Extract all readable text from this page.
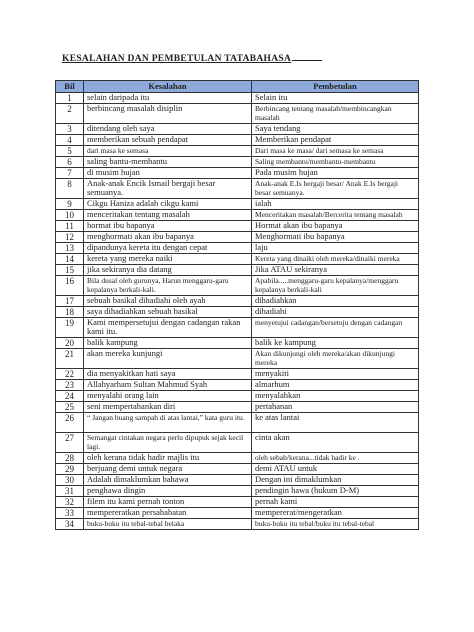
KESALAHAN DAN PEMBETULAN TATABAHASA
Bil	Kesalahan	Pembetulan
1	selain daripada itu	Selain itu
2	berbincang masalah disiplin	Berbincang tentang masalah/membincangkan masalah
3	ditendang oleh saya	Saya tendang
4	memberikan sebuah pendapat	Memberikan pendapat
5	dari masa ke semasa	Dari masa ke masa/ dari semasa ke semasa
6	saling bantu-membantu	Saling membantu/membantu-membantu
7	di musim hujan	Pada musim hujan
8	Anak-anak Encik Ismail bergaji besar semuanya.	Anak-anak E.Is bergaji besar/ Anak E.Is bergaji besar semuanya.
9	Cikgu Haniza adalah cikgu kami	ialah
10	menceritakan tentang masalah	Menceritakan masalah/Bercerita tentang masalah
11	hormat ibu bapanya	Hormat akan ibu bapanya
12	menghormati akan ibu bapanya	Menghormati ibu bapanya
13	dipandunya kereta itu dengan cepat	laju
14	kereta yang mereka naiki	Kereta yang dinaiki oleh mereka/dinaiki mereka
15	jika sekiranya dia datang	Jika ATAU sekiranya
16	Bila dusal oleh gurunya, Harun menggaru-garu kepalanya berkali-kali.	Apabila.....menggaru-garu kepalanya/menggaru kepalanya berkali-kali
17	sebuah basikal dihadiahi oleh ayah	dihadiahkan
18	saya dihadiahkan sebuah basikal	dihadiahi
19	Kami mempersetujui dengan cadangan rakan kami itu.	menyetujui cadangan/bersetuju dengan cadangan
20	balik kampung	balik ke kampung
21	akan mereka kunjungi	Akan dikunjungi oleh mereka/akan dikunjungi mereka
22	dia menyakitkan hati saya	menyakiti
23	Allahyarham Sultan Mahmud Syah	almarhum
24	menyalahi orang lain	menyalahkan
25	seni mempertahankan diri	pertahanan
26	“ Jangan buang sampah di atas lantai,” kata guru itu.	ke atas lantai
27	Semangat cintakan negara perlu dipupuk sejak kecil lagi.	cinta akan
28	oleh kerana tidak hadir majlis itu	oleh sebab/kerana...tidak hadir ke .
29	berjuang demi untuk negara	demi ATAU untuk
30	Adalah dimaklumkan bahawa	Dengan ini dimaklumkan
31	penghawa dingin	pendingin hawa (hukum D-M)
32	filem itu kami pernah tonton	pernah kami
33	mempereratkan persahabatan	mempererat/mengeratkan
34	buku-buku itu tebal-tebal belaka	buku-buku itu tebal/buku itu tebal-tebal
